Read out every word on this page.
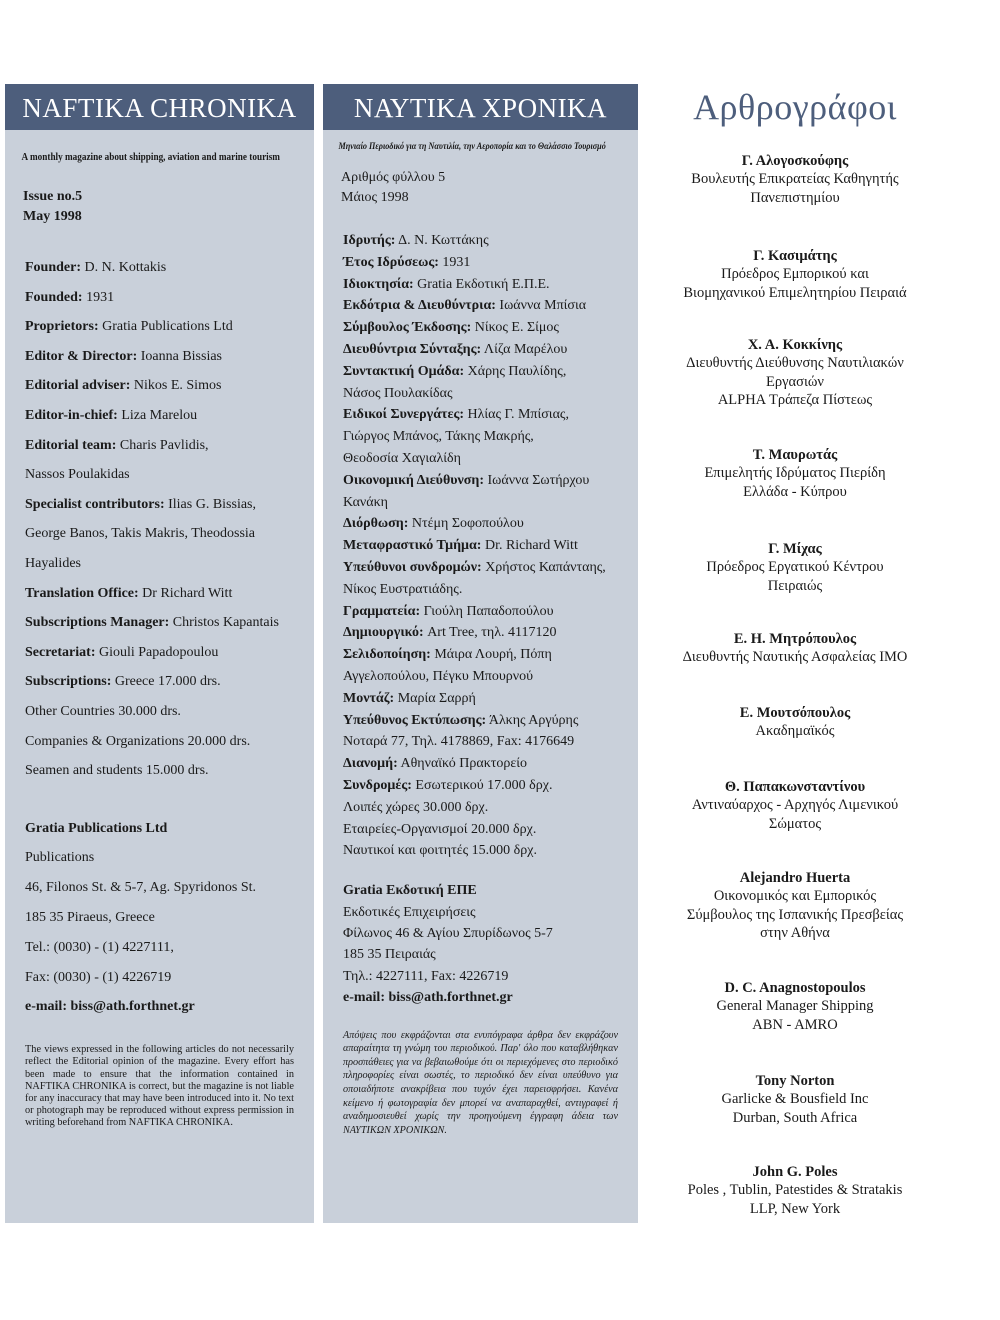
NAFTIKA CHRONIKA
A monthly magazine about shipping, aviation and marine tourism
Issue no.5
May 1998
Founder: D. N. Kottakis
Founded: 1931
Proprietors: Gratia Publications Ltd
Editor & Director: Ioanna Bissias
Editorial adviser: Nikos E. Simos
Editor-in-chief: Liza Marelou
Editorial team: Charis Pavlidis,
Nassos Poulakidas
Specialist contributors: Ilias G. Bissias,
George Banos, Takis Makris, Theodossia
Hayalides
Translation Office: Dr Richard Witt
Subscriptions Manager: Christos Kapantais
Secretariat: Giouli Papadopoulou
Subscriptions: Greece 17.000 drs.
Other Countries 30.000 drs.
Companies & Organizations 20.000 drs.
Seamen and students 15.000 drs.
Gratia Publications Ltd
Publications
46, Filonos St. & 5-7, Ag. Spyridonos St.
185 35 Piraeus, Greece
Tel.: (0030) - (1) 4227111,
Fax: (0030) - (1) 4226719
e-mail: biss@ath.forthnet.gr
The views expressed in the following articles do not necessarily reflect the Editorial opinion of the magazine. Every effort has been made to ensure that the information contained in NAFTIKA CHRONIKA is correct, but the magazine is not liable for any inaccuracy that may have been introduced into it. No text or photograph may be reproduced without express permission in writing beforehand from NAFTIKA CHRONIKA.
ΝΑΥΤΙΚΑ ΧΡΟΝΙΚΑ
Μηνιαίο Περιοδικό για τη Ναυτιλία, την Αεροπορία και το Θαλάσσιο Τουρισμό
Αριθμός φύλλου 5
Μάιος 1998
Ιδρυτής: Δ. Ν. Κωττάκης
Έτος Ιδρύσεως: 1931
Ιδιοκτησία: Gratia Εκδοτική Ε.Π.Ε.
Εκδότρια & Διευθύντρια: Ιωάννα Μπίσια
Σύμβουλος Έκδοσης: Νίκος Ε. Σίμος
Διευθύντρια Σύνταξης: Λίζα Μαρέλου
Συντακτική Ομάδα: Χάρης Παυλίδης,
Νάσος Πουλακίδας
Ειδικοί Συνεργάτες: Ηλίας Γ. Μπίσιας,
Γιώργος Μπάνος, Τάκης Μακρής,
Θεοδοσία Χαγιαλίδη
Οικονομική Διεύθυνση: Ιωάννα Σωτήρχου
Κανάκη
Διόρθωση: Ντέμη Σοφοπούλου
Μεταφραστικό Τμήμα: Dr. Richard Witt
Υπεύθυνοι συνδρομών: Χρήστος Καπάνταης,
Νίκος Ευστρατιάδης.
Γραμματεία: Γιούλη Παπαδοπούλου
Δημιουργικό: Art Tree, τηλ. 4117120
Σελιδοποίηση: Μάιρα Λουρή, Πόπη
Αγγελοπούλου, Πέγκυ Μπουρνού
Μοντάζ: Μαρία Σαρρή
Υπεύθυνος Εκτύπωσης: Άλκης Αργύρης
Νοταρά 77, Τηλ. 4178869, Fax: 4176649
Διανομή: Αθηναϊκό Πρακτορείο
Συνδρομές: Εσωτερικού 17.000 δρχ.
Λοιπές χώρες 30.000 δρχ.
Εταιρείες-Οργανισμοί 20.000 δρχ.
Ναυτικοί και φοιτητές 15.000 δρχ.
Gratia Εκδοτική ΕΠΕ
Εκδοτικές Επιχειρήσεις
Φίλωνος 46 & Αγίου Σπυρίδωνος 5-7
185 35 Πειραιάς
Τηλ.: 4227111, Fax: 4226719
e-mail: biss@ath.forthnet.gr
Απόψεις που εκφράζονται στα ενυπόγραφα άρθρα δεν εκφράζουν απαραίτητα τη γνώμη του περιοδικού. Παρ' όλο που καταβλήθηκαν προσπάθειες για να βεβαιωθούμε ότι οι περιεχόμενες στο περιοδικό πληροφορίες είναι σωστές, το περιοδικό δεν είναι υπεύθυνο για οποιαδήποτε ανακρίβεια που τυχόν έχει παρεισφρήσει. Κανένα κείμενο ή φωτογραφία δεν μπορεί να αναπαραχθεί, αντιγραφεί ή αναδημοσιευθεί χωρίς την προηγούμενη έγγραφη άδεια των ΝΑΥΤΙΚΩΝ ΧΡΟΝΙΚΩΝ.
Αρθρογράφοι
Γ. Αλογοσκούφης
Βουλευτής Επικρατείας Καθηγητής
Πανεπιστημίου
Γ. Κασιμάτης
Πρόεδρος Εμπορικού και
Βιομηχανικού Επιμελητηρίου Πειραιά
Χ. Α. Κοκκίνης
Διευθυντής Διεύθυνσης Ναυτιλιακών
Εργασιών
ALPHA Τράπεζα Πίστεως
Τ. Μαυρωτάς
Επιμελητής Ιδρύματος Πιερίδη
Ελλάδα - Κύπρου
Γ. Μίχας
Πρόεδρος Εργατικού Κέντρου
Πειραιώς
Ε. Η. Μητρόπουλος
Διευθυντής Ναυτικής Ασφαλείας IMO
Ε. Μουτσόπουλος
Ακαδημαϊκός
Θ. Παπακωνσταντίνου
Αντιναύαρχος - Αρχηγός Λιμενικού
Σώματος
Alejandro Huerta
Οικονομικός και Εμπορικός
Σύμβουλος της Ισπανικής Πρεσβείας
στην Αθήνα
D. C. Anagnostopoulos
General Manager Shipping
ABN - AMRO
Tony Norton
Garlicke & Bousfield Inc
Durban, South Africa
John G. Poles
Poles , Tublin, Patestides & Stratakis
LLP, New York
